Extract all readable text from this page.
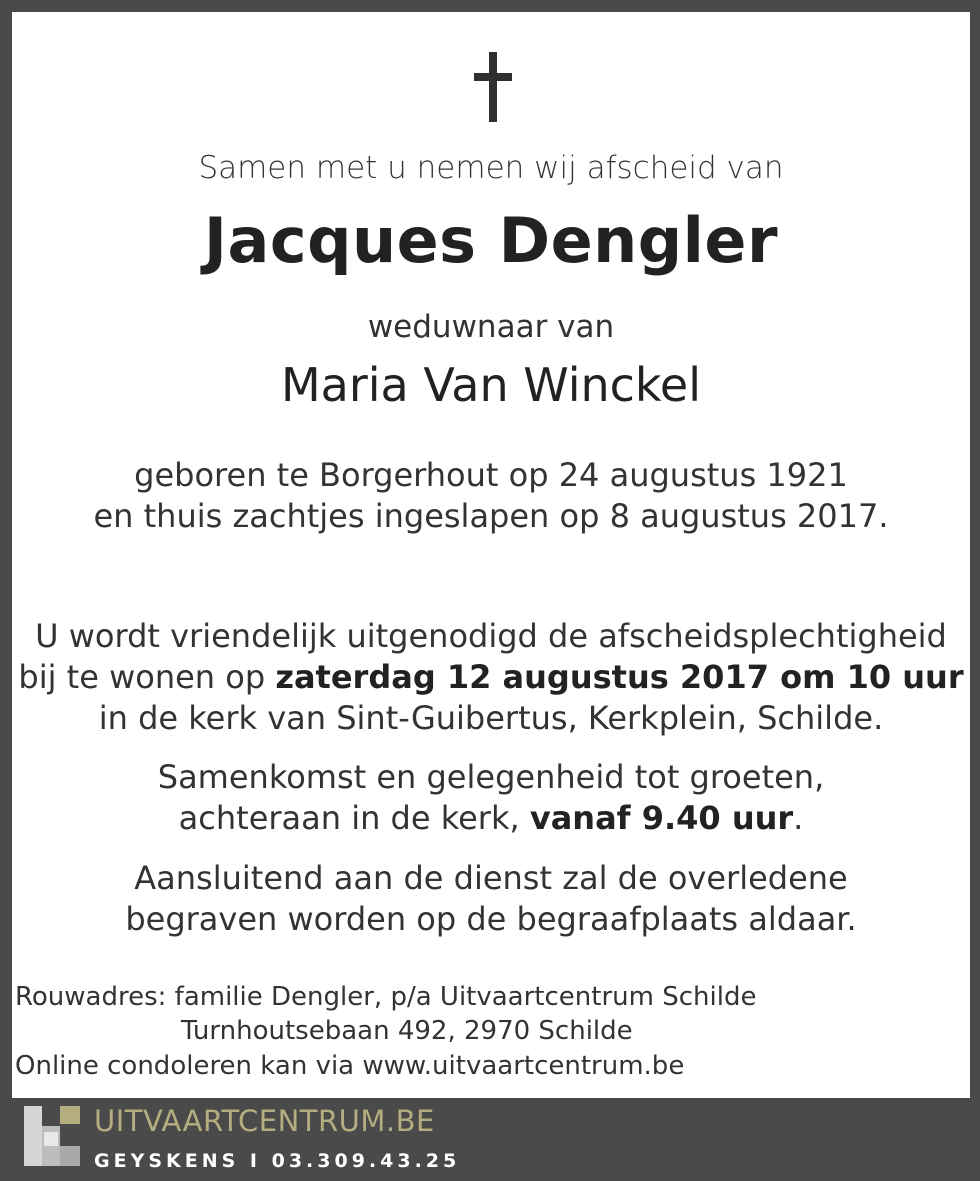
Samen met u nemen wij afscheid van
Jacques Dengler
weduwnaar van
Maria Van Winckel
geboren te Borgerhout op 24 augustus 1921
en thuis zachtjes ingeslapen op 8 augustus 2017.
U wordt vriendelijk uitgenodigd de afscheidsplechtigheid
bij te wonen op zaterdag 12 augustus 2017 om 10 uur
in de kerk van Sint-Guibertus, Kerkplein, Schilde.
Samenkomst en gelegenheid tot groeten,
achteraan in de kerk, vanaf 9.40 uur.
Aansluitend aan de dienst zal de overledene
begraven worden op de begraafplaats aldaar.
Rouwadres: familie Dengler, p/a Uitvaartcentrum Schilde
Turnhoutsebaan 492, 2970 Schilde
Online condoleren kan via www.uitvaartcentrum.be
UITVAARTCENTRUM.BE
GEYSKENS I 03.309.43.25
